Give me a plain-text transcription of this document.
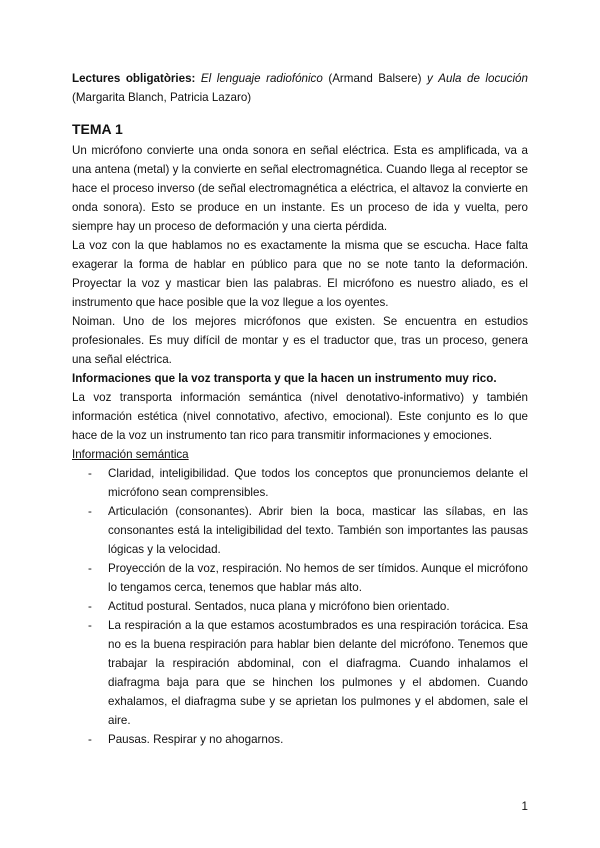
Lectures obligatòries: El lenguaje radiofónico (Armand Balsere) y Aula de locución (Margarita Blanch, Patricia Lazaro)

TEMA 1

Un micrófono convierte una onda sonora en señal eléctrica. Esta es amplificada, va a una antena (metal) y la convierte en señal electromagnética. Cuando llega al receptor se hace el proceso inverso (de señal electromagnética a eléctrica, el altavoz la convierte en onda sonora). Esto se produce en un instante. Es un proceso de ida y vuelta, pero siempre hay un proceso de deformación y una cierta pérdida.

La voz con la que hablamos no es exactamente la misma que se escucha. Hace falta exagerar la forma de hablar en público para que no se note tanto la deformación. Proyectar la voz y masticar bien las palabras. El micrófono es nuestro aliado, es el instrumento que hace posible que la voz llegue a los oyentes.

Noiman. Uno de los mejores micrófonos que existen. Se encuentra en estudios profesionales. Es muy difícil de montar y es el traductor que, tras un proceso, genera una señal eléctrica.

Informaciones que la voz transporta y que la hacen un instrumento muy rico.

La voz transporta información semántica (nivel denotativo-informativo) y también información estética (nivel connotativo, afectivo, emocional). Este conjunto es lo que hace de la voz un instrumento tan rico para transmitir informaciones y emociones.

Información semántica

- Claridad, inteligibilidad. Que todos los conceptos que pronunciemos delante el micrófono sean comprensibles.
- Articulación (consonantes). Abrir bien la boca, masticar las sílabas, en las consonantes está la inteligibilidad del texto. También son importantes las pausas lógicas y la velocidad.
- Proyección de la voz, respiración. No hemos de ser tímidos. Aunque el micrófono lo tengamos cerca, tenemos que hablar más alto.
- Actitud postural. Sentados, nuca plana y micrófono bien orientado.
- La respiración a la que estamos acostumbrados es una respiración torácica. Esa no es la buena respiración para hablar bien delante del micrófono. Tenemos que trabajar la respiración abdominal, con el diafragma. Cuando inhalamos el diafragma baja para que se hinchen los pulmones y el abdomen. Cuando exhalamos, el diafragma sube y se aprietan los pulmones y el abdomen, sale el aire.
- Pausas. Respirar y no ahogarnos.
1
